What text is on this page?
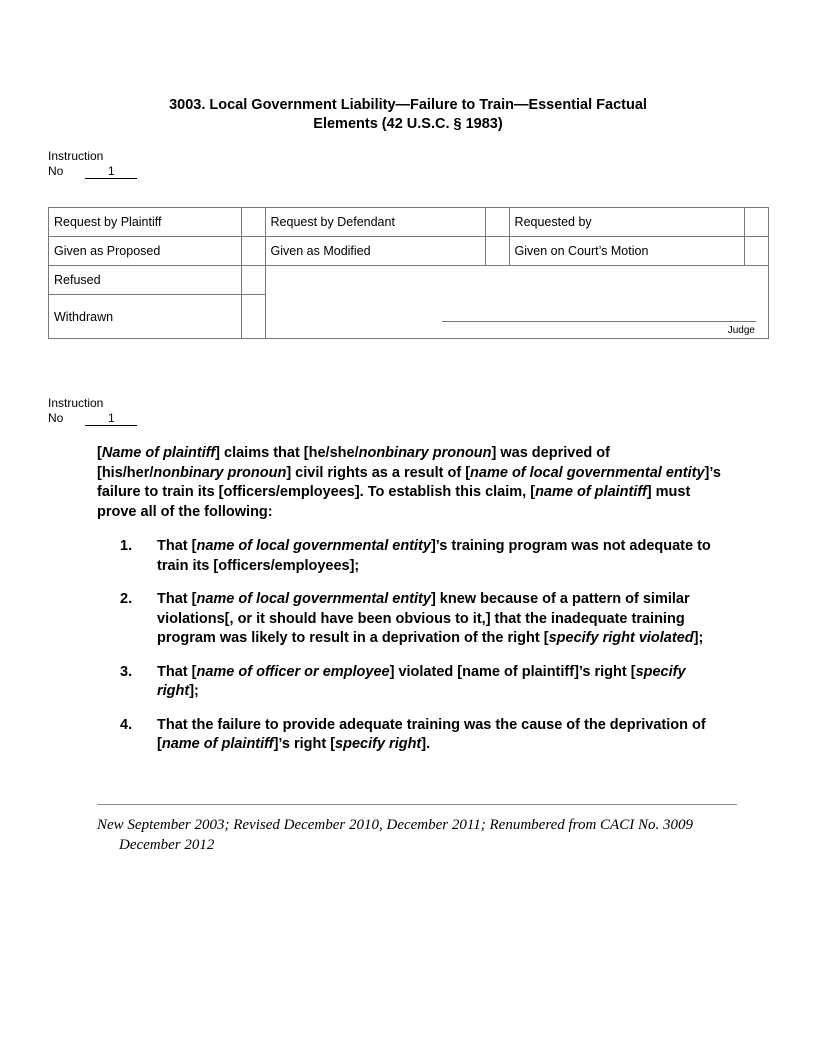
3003. Local Government Liability—Failure to Train—Essential Factual
Elements (42 U.S.C. § 1983)
Instruction
No	1
Request by Plaintiff		Request by Defendant		Requested by	
Given as Proposed		Given as Modified		Given on Court’s Motion	
Refused		Judge			

Withdrawn					
Instruction
No	1

[Name of plaintiff] claims that [he/she/nonbinary pronoun] was deprived of [his/her/nonbinary pronoun] civil rights as a result of [name of local governmental entity]’s failure to train its [officers/employees]. To establish this claim, [name of plaintiff] must prove all of the following:

1. That [name of local governmental entity]’s training program was not adequate to train its [officers/employees];
2. That [name of local governmental entity] knew because of a pattern of similar violations[, or it should have been obvious to it,] that the inadequate training program was likely to result in a deprivation of the right [specify right violated];
3. That [name of officer or employee] violated [name of plaintiff]’s right [specify right];
4. That the failure to provide adequate training was the cause of the deprivation of [name of plaintiff]’s right [specify right].
New September 2003; Revised December 2010, December 2011; Renumbered from CACI No. 3009
December 2012
